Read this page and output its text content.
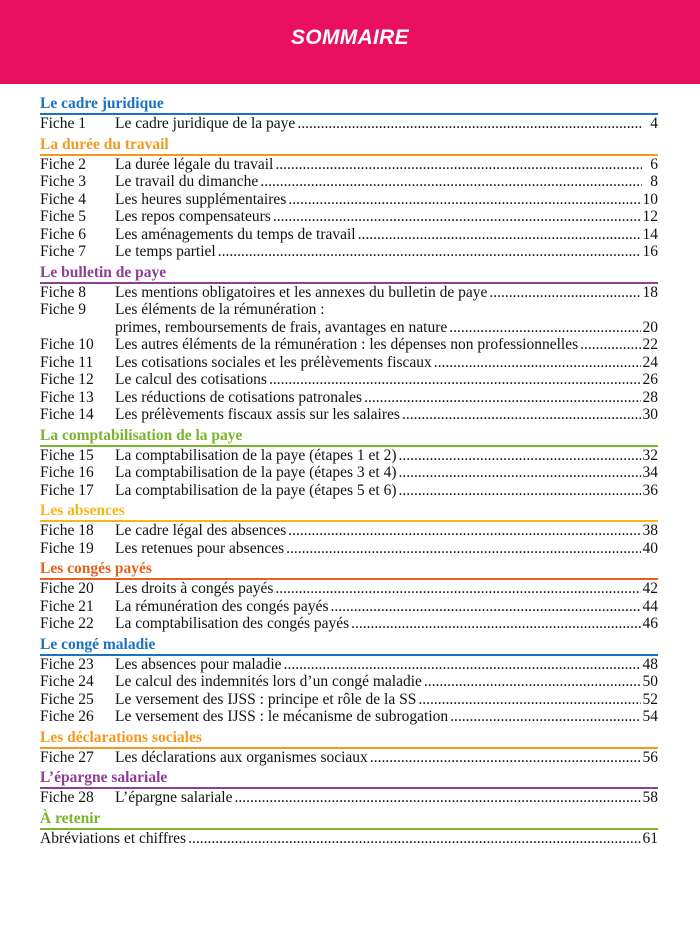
SOMMAIRE
Le cadre juridique
Fiche 1	Le cadre juridique de la paye .....	4
La durée du travail
Fiche 2	La durée légale du travail .....	6
Fiche 3	Le travail du dimanche .....	8
Fiche 4	Les heures supplémentaires .....	10
Fiche 5	Les repos compensateurs .....	12
Fiche 6	Les aménagements du temps de travail .....	14
Fiche 7	Le temps partiel .....	16
Le bulletin de paye
Fiche 8	Les mentions obligatoires et les annexes du bulletin de paye .....	18
Fiche 9	Les éléments de la rémunération :
primes, remboursements de frais, avantages en nature .....	20
Fiche 10	Les autres éléments de la rémunération : les dépenses non professionnelles .....	22
Fiche 11	Les cotisations sociales et les prélèvements fiscaux .....	24
Fiche 12	Le calcul des cotisations .....	26
Fiche 13	Les réductions de cotisations patronales .....	28
Fiche 14	Les prélèvements fiscaux assis sur les salaires .....	30
La comptabilisation de la paye
Fiche 15	La comptabilisation de la paye (étapes 1 et 2) .....	32
Fiche 16	La comptabilisation de la paye (étapes 3 et 4) .....	34
Fiche 17	La comptabilisation de la paye (étapes 5 et 6) .....	36
Les absences
Fiche 18	Le cadre légal des absences .....	38
Fiche 19	Les retenues pour absences .....	40
Les congés payés
Fiche 20	Les droits à congés payés .....	42
Fiche 21	La rémunération des congés payés .....	44
Fiche 22	La comptabilisation des congés payés .....	46
Le congé maladie
Fiche 23	Les absences pour maladie .....	48
Fiche 24	Le calcul des indemnités lors d’un congé maladie .....	50
Fiche 25	Le versement des IJSS : principe et rôle de la SS .....	52
Fiche 26	Le versement des IJSS : le mécanisme de subrogation .....	54
Les déclarations sociales
Fiche 27	Les déclarations aux organismes sociaux .....	56
L’épargne salariale
Fiche 28	L’épargne salariale .....	58
À retenir
Abréviations et chiffres .....	61
